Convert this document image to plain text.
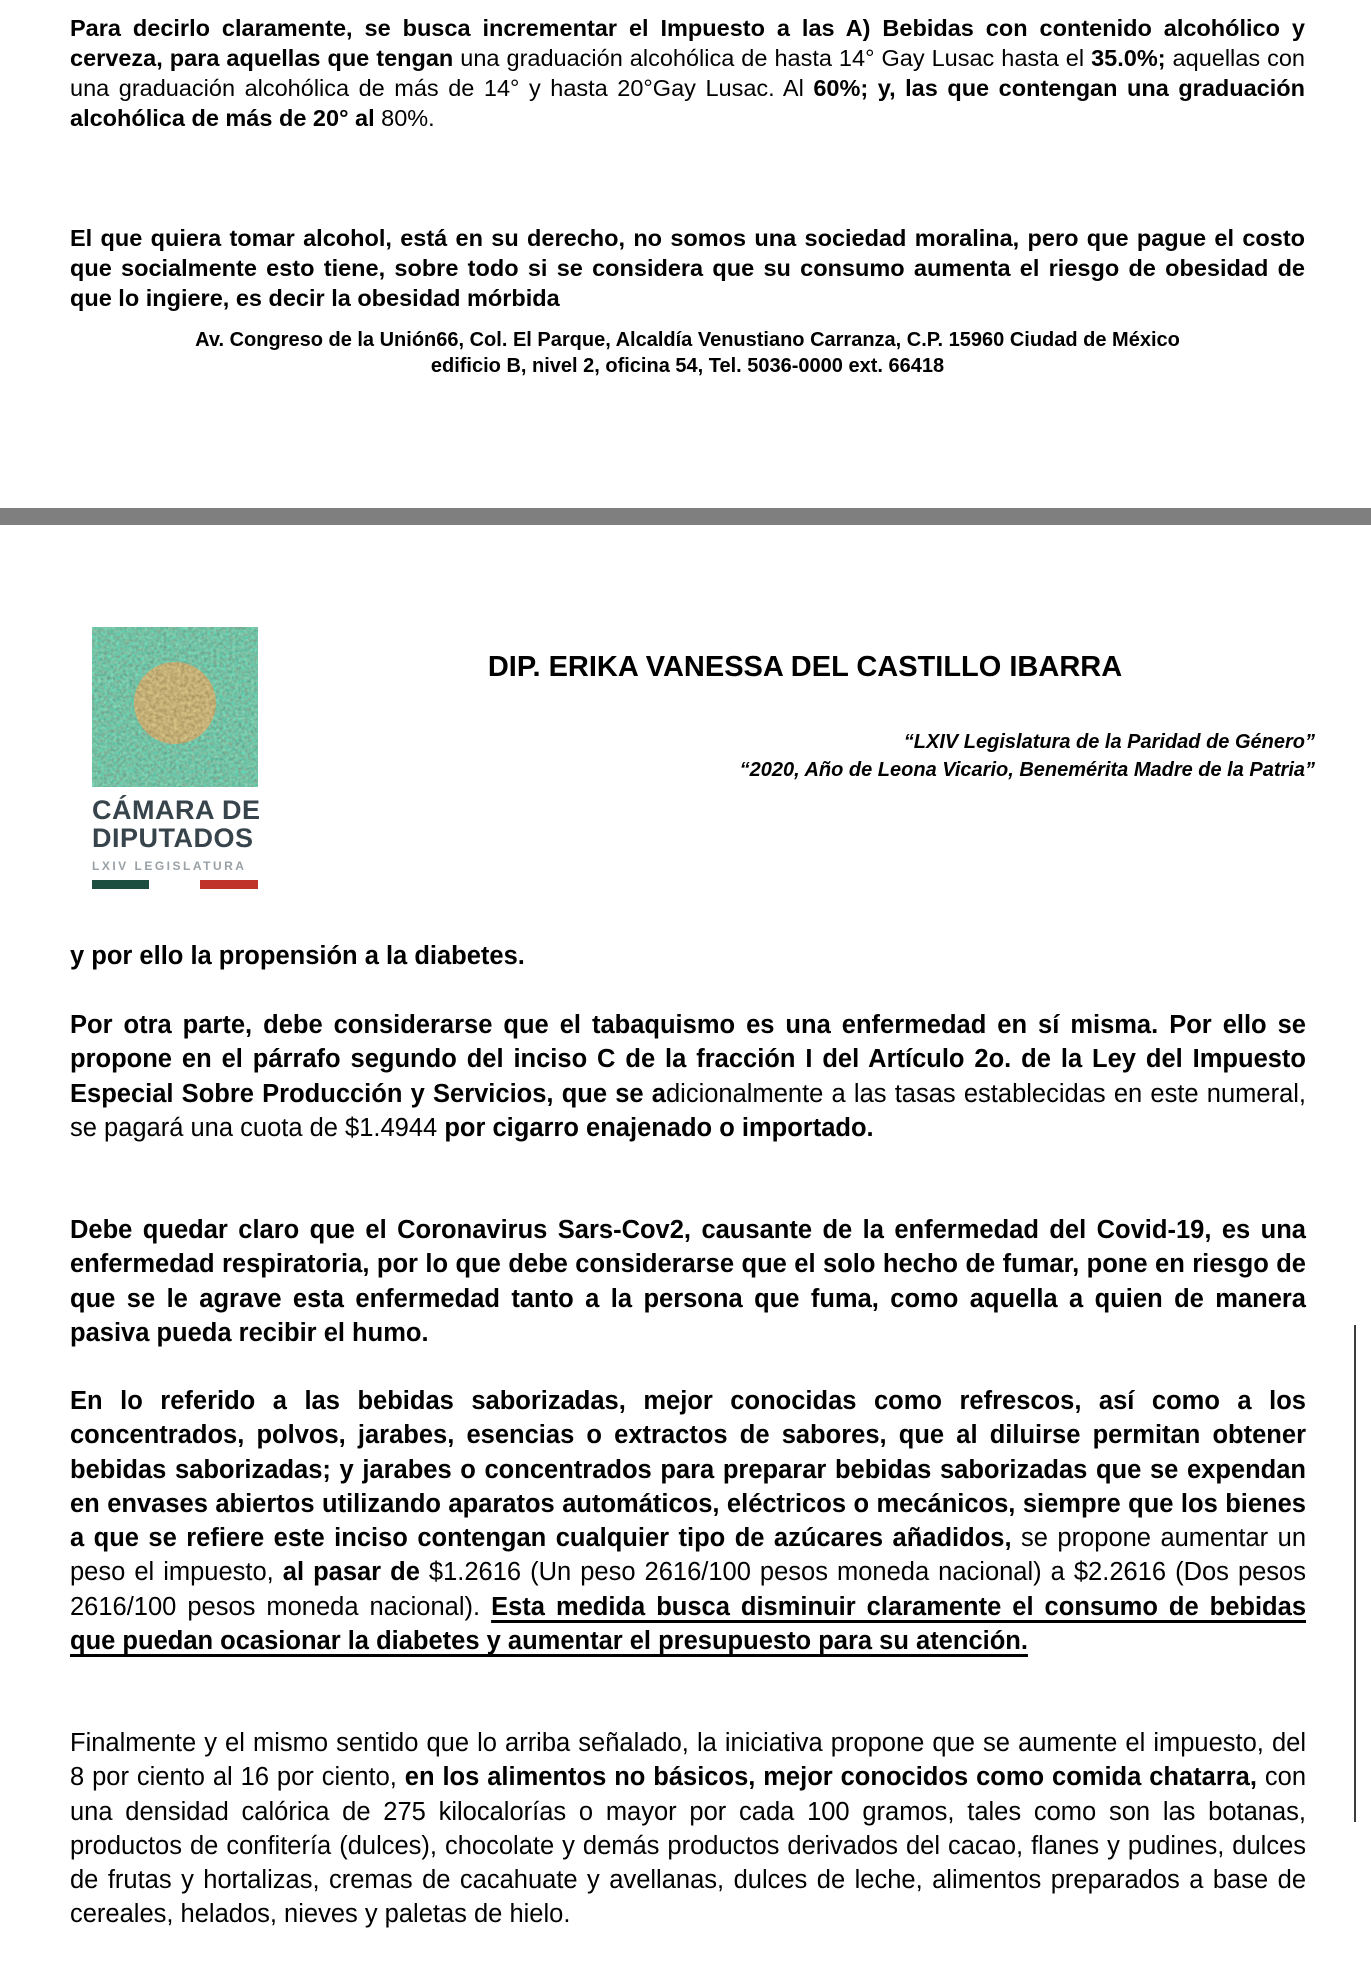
Para decirlo claramente, se busca incrementar el Impuesto a las A) Bebidas con contenido alcohólico y cerveza, para aquellas que tengan una graduación alcohólica de hasta 14° Gay Lusac hasta el 35.0%; aquellas con una graduación alcohólica de más de 14° y hasta 20°Gay Lusac. Al 60%; y, las que contengan una graduación alcohólica de más de 20° al 80%.
El que quiera tomar alcohol, está en su derecho, no somos una sociedad moralina, pero que pague el costo que socialmente esto tiene, sobre todo si se considera que su consumo aumenta el riesgo de obesidad de que lo ingiere, es decir la obesidad mórbida
Av. Congreso de la Unión66, Col. El Parque, Alcaldía Venustiano Carranza, C.P. 15960 Ciudad de México
edificio B, nivel 2, oficina 54, Tel. 5036-0000 ext. 66418
CÁMARA DE
DIPUTADOS
LXIV LEGISLATURA
DIP. ERIKA VANESSA DEL CASTILLO IBARRA
“LXIV Legislatura de la Paridad de Género”
“2020, Año de Leona Vicario, Benemérita Madre de la Patria”
y por ello la propensión a la diabetes.
Por otra parte, debe considerarse que el tabaquismo es una enfermedad en sí misma. Por ello se propone en el párrafo segundo del inciso C de la fracción I del Artículo 2o. de la Ley del Impuesto Especial Sobre Producción y Servicios, que se adicionalmente a las tasas establecidas en este numeral, se pagará una cuota de $1.4944 por cigarro enajenado o importado.
Debe quedar claro que el Coronavirus Sars-Cov2, causante de la enfermedad del Covid-19, es una enfermedad respiratoria, por lo que debe considerarse que el solo hecho de fumar, pone en riesgo de que se le agrave esta enfermedad tanto a la persona que fuma, como aquella a quien de manera pasiva pueda recibir el humo.
En lo referido a las bebidas saborizadas, mejor conocidas como refrescos, así como a los concentrados, polvos, jarabes, esencias o extractos de sabores, que al diluirse permitan obtener bebidas saborizadas; y jarabes o concentrados para preparar bebidas saborizadas que se expendan en envases abiertos utilizando aparatos automáticos, eléctricos o mecánicos, siempre que los bienes a que se refiere este inciso contengan cualquier tipo de azúcares añadidos, se propone aumentar un peso el impuesto, al pasar de $1.2616 (Un peso 2616/100 pesos moneda nacional) a $2.2616 (Dos pesos 2616/100 pesos moneda nacional). Esta medida busca disminuir claramente el consumo de bebidas que puedan ocasionar la diabetes y aumentar el presupuesto para su atención.
Finalmente y el mismo sentido que lo arriba señalado, la iniciativa propone que se aumente el impuesto, del 8 por ciento al 16 por ciento, en los alimentos no básicos, mejor conocidos como comida chatarra, con una densidad calórica de 275 kilocalorías o mayor por cada 100 gramos, tales como son las botanas, productos de confitería (dulces), chocolate y demás productos derivados del cacao, flanes y pudines, dulces de frutas y hortalizas, cremas de cacahuate y avellanas, dulces de leche, alimentos preparados a base de cereales, helados, nieves y paletas de hielo.
